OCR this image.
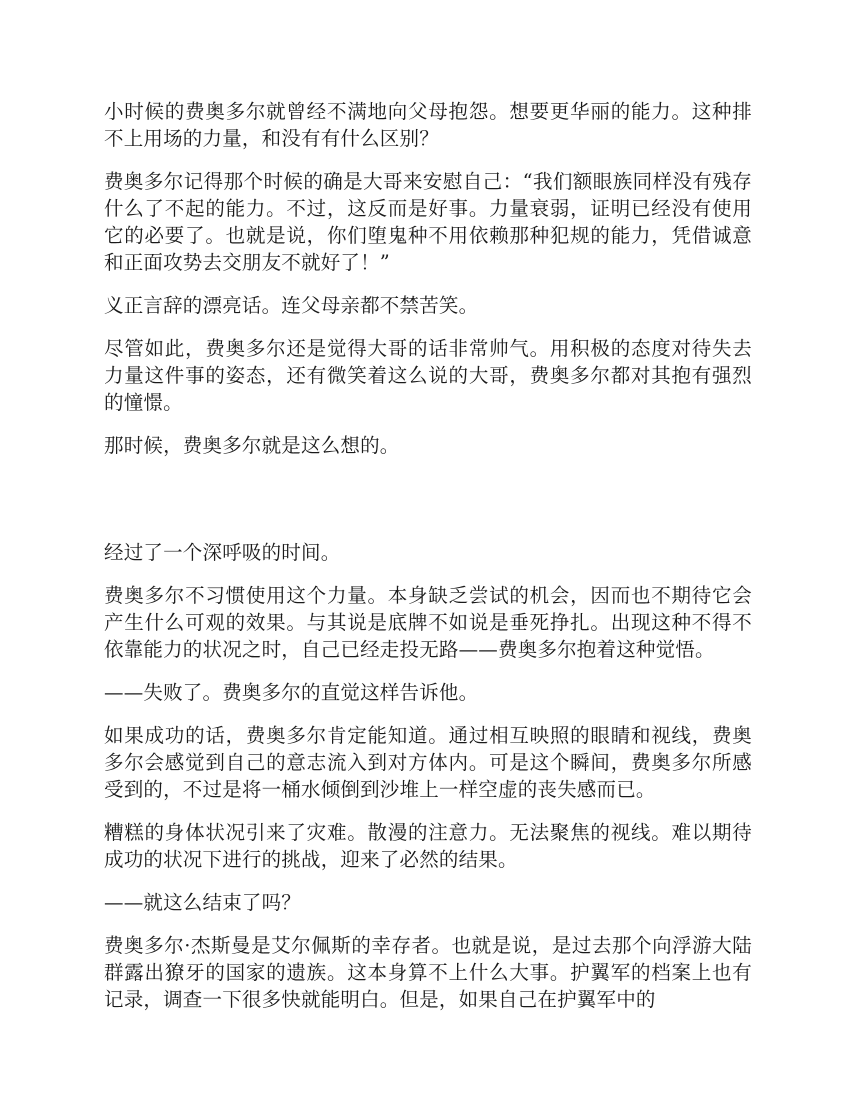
小时候的费奥多尔就曾经不满地向父母抱怨。想要更华丽的能力。这种排不上用场的力量，和没有有什么区别？

费奥多尔记得那个时候的确是大哥来安慰自己：“我们额眼族同样没有残存什么了不起的能力。不过，这反而是好事。力量衰弱，证明已经没有使用它的必要了。也就是说，你们堕鬼种不用依赖那种犯规的能力，凭借诚意和正面攻势去交朋友不就好了！”

义正言辞的漂亮话。连父母亲都不禁苦笑。

尽管如此，费奥多尔还是觉得大哥的话非常帅气。用积极的态度对待失去力量这件事的姿态，还有微笑着这么说的大哥，费奥多尔都对其抱有强烈的憧憬。

那时候，费奥多尔就是这么想的。

经过了一个深呼吸的时间。

费奥多尔不习惯使用这个力量。本身缺乏尝试的机会，因而也不期待它会产生什么可观的效果。与其说是底牌不如说是垂死挣扎。出现这种不得不依靠能力的状况之时，自己已经走投无路——费奥多尔抱着这种觉悟。

——失败了。费奥多尔的直觉这样告诉他。

如果成功的话，费奥多尔肯定能知道。通过相互映照的眼睛和视线，费奥多尔会感觉到自己的意志流入到对方体内。可是这个瞬间，费奥多尔所感受到的，不过是将一桶水倾倒到沙堆上一样空虚的丧失感而已。

糟糕的身体状况引来了灾难。散漫的注意力。无法聚焦的视线。难以期待成功的状况下进行的挑战，迎来了必然的结果。

——就这么结束了吗？

费奥多尔·杰斯曼是艾尔佩斯的幸存者。也就是说，是过去那个向浮游大陆群露出獠牙的国家的遗族。这本身算不上什么大事。护翼军的档案上也有记录，调查一下很多快就能明白。但是，如果自己在护翼军中的
